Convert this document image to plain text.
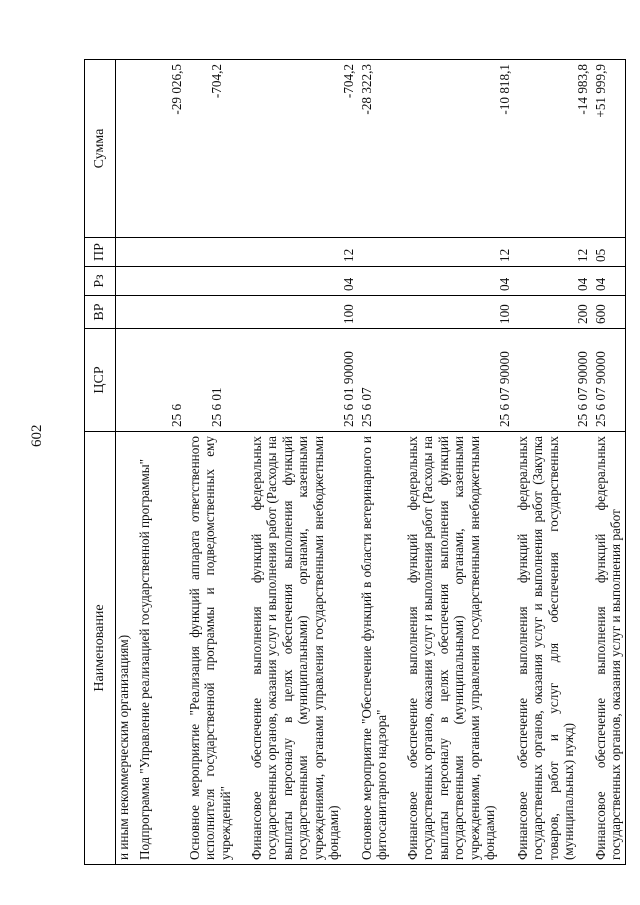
602
Наименование	ЦСР	ВР	Рз	ПР	Сумма
и иным некоммерческим организациям)					
Подпрограмма "Управление реализацией государственной программы"	25 6				-29 026,5
Основное мероприятие "Реализация функций аппарата ответственного исполнителя государственной программы и подведомственных ему учреждений"	25 6 01				-704,2
Финансовое обеспечение выполнения функций федеральных государственных органов, оказания услуг и выполнения работ (Расходы на выплаты персоналу в целях обеспечения выполнения функций государственными (муниципальными) органами, казенными учреждениями, органами управления государственными внебюджетными фондами)	25 6 01 90000	100	04	12	-704,2
Основное мероприятие "Обеспечение функций в области ветеринарного и фитосанитарного надзора"	25 6 07				-28 322,3
Финансовое обеспечение выполнения функций федеральных государственных органов, оказания услуг и выполнения работ (Расходы на выплаты персоналу в целях обеспечения выполнения функций государственными (муниципальными) органами, казенными учреждениями, органами управления государственными внебюджетными фондами)	25 6 07 90000	100	04	12	-10 818,1
Финансовое обеспечение выполнения функций федеральных государственных органов, оказания услуг и выполнения работ (Закупка товаров, работ и услуг для обеспечения государственных (муниципальных) нужд)	25 6 07 90000	200	04	12	-14 983,8
Финансовое обеспечение выполнения функций федеральных государственных органов, оказания услуг и выполнения работ	25 6 07 90000	600	04	05	+51 999,9
